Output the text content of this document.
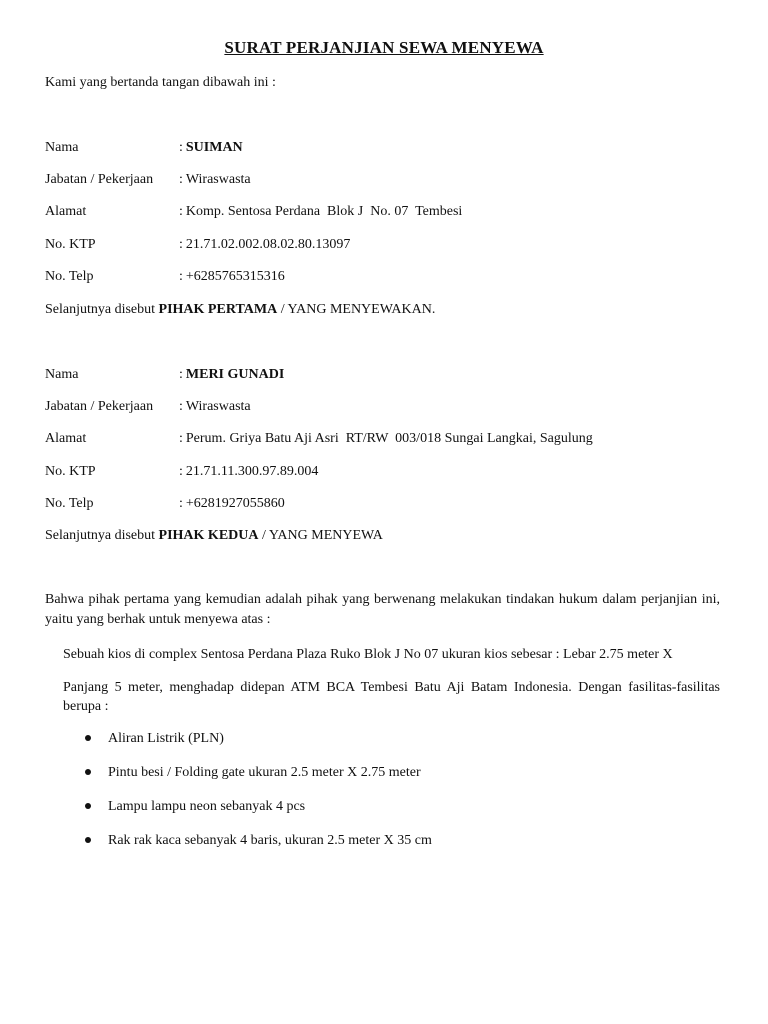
SURAT PERJANJIAN SEWA MENYEWA
Kami yang bertanda tangan dibawah ini :
Nama	: SUIMAN
Jabatan / Pekerjaan : Wiraswasta
Alamat	: Komp. Sentosa Perdana  Blok J  No. 07  Tembesi
No. KTP	: 21.71.02.002.08.02.80.13097
No. Telp	: +6285765315316
Selanjutnya disebut PIHAK PERTAMA / YANG MENYEWAKAN.
Nama	: MERI GUNADI
Jabatan / Pekerjaan : Wiraswasta
Alamat	: Perum. Griya Batu Aji Asri  RT/RW  003/018 Sungai Langkai, Sagulung
No. KTP	: 21.71.11.300.97.89.004
No. Telp	: +6281927055860
Selanjutnya disebut PIHAK KEDUA / YANG MENYEWA
Bahwa pihak pertama yang kemudian adalah pihak yang berwenang melakukan tindakan hukum dalam perjanjian ini, yaitu yang berhak untuk menyewa atas :
Sebuah kios di complex Sentosa Perdana Plaza Ruko Blok J No 07 ukuran kios sebesar : Lebar 2.75 meter X
Panjang 5 meter, menghadap didepan ATM BCA Tembesi Batu Aji Batam Indonesia. Dengan fasilitas-fasilitas berupa :
Aliran Listrik (PLN)
Pintu besi / Folding gate ukuran 2.5 meter X 2.75 meter
Lampu lampu neon sebanyak 4 pcs
Rak rak kaca sebanyak 4 baris, ukuran 2.5 meter X 35 cm
